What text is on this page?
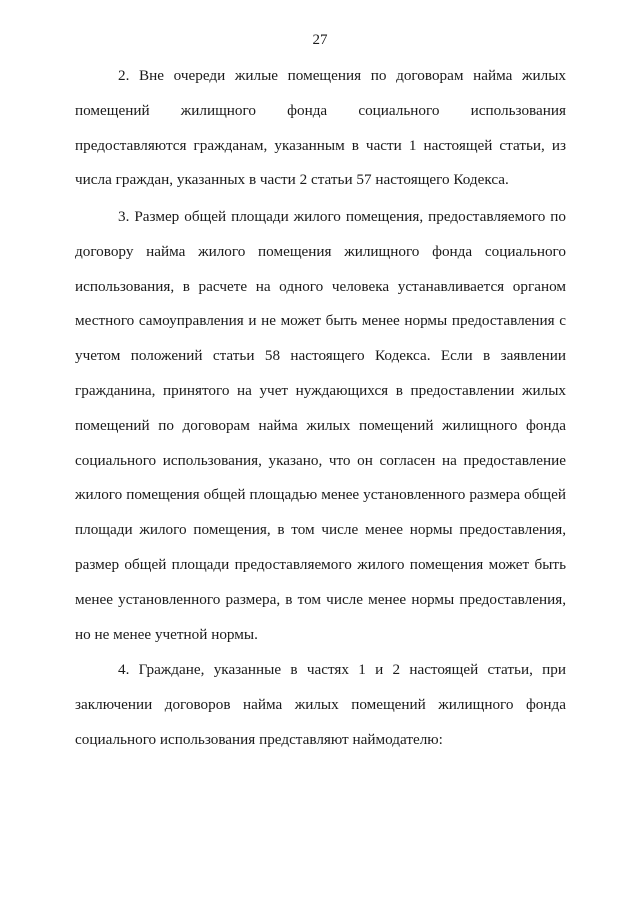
27

2. Вне очереди жилые помещения по договорам найма жилых помещений жилищного фонда социального использования предоставляются гражданам, указанным в части 1 настоящей статьи, из числа граждан, указанных в части 2 статьи 57 настоящего Кодекса.

3. Размер общей площади жилого помещения, предоставляемого по договору найма жилого помещения жилищного фонда социального использования, в расчете на одного человека устанавливается органом местного самоуправления и не может быть менее нормы предоставления с учетом положений статьи 58 настоящего Кодекса. Если в заявлении гражданина, принятого на учет нуждающихся в предоставлении жилых помещений по договорам найма жилых помещений жилищного фонда социального использования, указано, что он согласен на предоставление жилого помещения общей площадью менее установленного размера общей площади жилого помещения, в том числе менее нормы предоставления, размер общей площади предоставляемого жилого помещения может быть менее установленного размера, в том числе менее нормы предоставления, но не менее учетной нормы.

4. Граждане, указанные в частях 1 и 2 настоящей статьи, при заключении договоров найма жилых помещений жилищного фонда социального использования представляют наймодателю:
